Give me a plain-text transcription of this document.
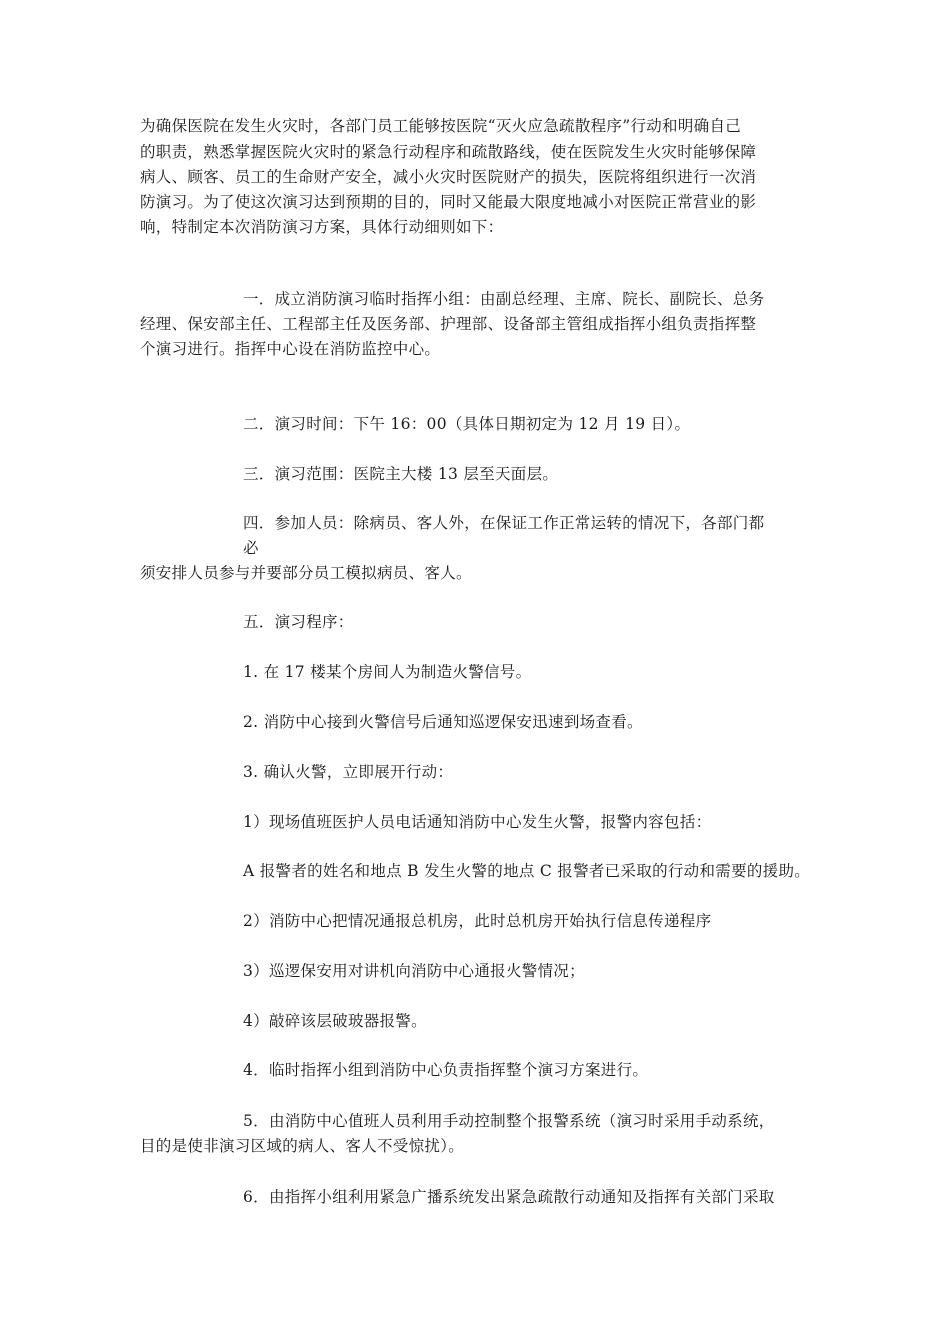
为确保医院在发生火灾时，各部门员工能够按医院“灭火应急疏散程序”行动和明确自己
的职责，熟悉掌握医院火灾时的紧急行动程序和疏散路线，使在医院发生火灾时能够保障
病人、顾客、员工的生命财产安全，减小火灾时医院财产的损失，医院将组织进行一次消
防演习。为了使这次演习达到预期的目的，同时又能最大限度地减小对医院正常营业的影
响，特制定本次消防演习方案，具体行动细则如下：
一．成立消防演习临时指挥小组：由副总经理、主席、院长、副院长、总务
经理、保安部主任、工程部主任及医务部、护理部、设备部主管组成指挥小组负责指挥整
个演习进行。指挥中心设在消防监控中心。
二．演习时间：下午 16：00（具体日期初定为 12 月 19 日）。
三．演习范围：医院主大楼 13 层至天面层。
四．参加人员：除病员、客人外，在保证工作正常运转的情况下，各部门都
必
须安排人员参与并要部分员工模拟病员、客人。
五．演习程序：
1. 在 17 楼某个房间人为制造火警信号。
2. 消防中心接到火警信号后通知巡逻保安迅速到场查看。
3. 确认火警，立即展开行动：
1）现场值班医护人员电话通知消防中心发生火警，报警内容包括：
A 报警者的姓名和地点 B 发生火警的地点 C 报警者已采取的行动和需要的援助。
2）消防中心把情况通报总机房，此时总机房开始执行信息传递程序
3）巡逻保安用对讲机向消防中心通报火警情况；
4）敲碎该层破玻器报警。
4．临时指挥小组到消防中心负责指挥整个演习方案进行。
5．由消防中心值班人员利用手动控制整个报警系统（演习时采用手动系统，
目的是使非演习区域的病人、客人不受惊扰）。
6．由指挥小组利用紧急广播系统发出紧急疏散行动通知及指挥有关部门采取
